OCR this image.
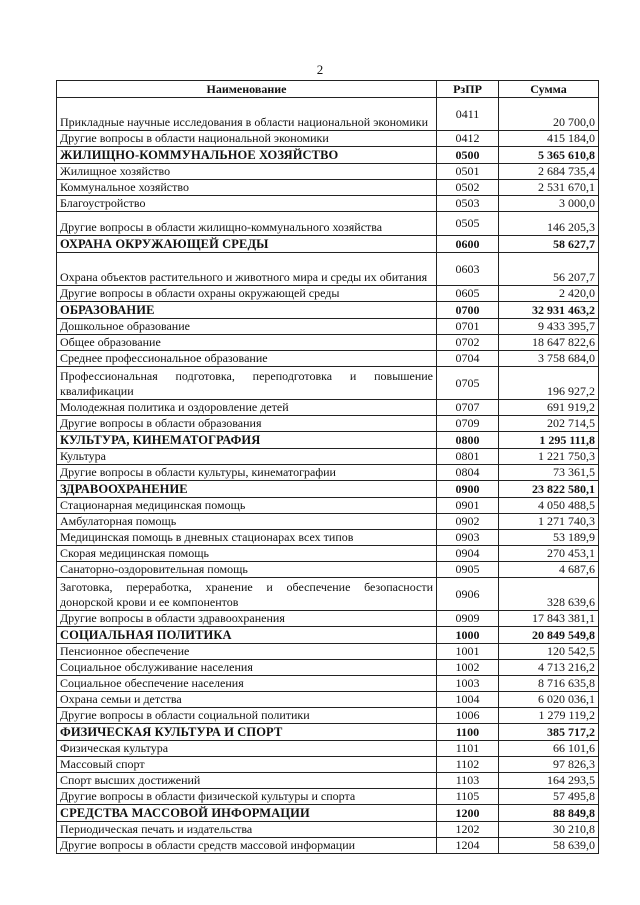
2
Наименование	РзПР	Сумма
Прикладные научные исследования в области национальной экономики	0411	20 700,0
Другие вопросы в области национальной экономики	0412	415 184,0
ЖИЛИЩНО-КОММУНАЛЬНОЕ ХОЗЯЙСТВО	0500	5 365 610,8
Жилищное хозяйство	0501	2 684 735,4
Коммунальное хозяйство	0502	2 531 670,1
Благоустройство	0503	3 000,0
Другие вопросы в области жилищно-коммунального хозяйства	0505	146 205,3
ОХРАНА ОКРУЖАЮЩЕЙ СРЕДЫ	0600	58 627,7
Охрана объектов растительного и животного мира и среды их обитания	0603	56 207,7
Другие вопросы в области охраны окружающей среды	0605	2 420,0
ОБРАЗОВАНИЕ	0700	32 931 463,2
Дошкольное образование	0701	9 433 395,7
Общее образование	0702	18 647 822,6
Среднее профессиональное образование	0704	3 758 684,0
Профессиональная подготовка, переподготовка и повышение квалификации	0705	196 927,2
Молодежная политика и оздоровление детей	0707	691 919,2
Другие вопросы в области образования	0709	202 714,5
КУЛЬТУРА, КИНЕМАТОГРАФИЯ	0800	1 295 111,8
Культура	0801	1 221 750,3
Другие вопросы в области культуры, кинематографии	0804	73 361,5
ЗДРАВООХРАНЕНИЕ	0900	23 822 580,1
Стационарная медицинская помощь	0901	4 050 488,5
Амбулаторная помощь	0902	1 271 740,3
Медицинская помощь в дневных стационарах всех типов	0903	53 189,9
Скорая медицинская помощь	0904	270 453,1
Санаторно-оздоровительная помощь	0905	4 687,6
Заготовка, переработка, хранение и обеспечение безопасности донорской крови и ее компонентов	0906	328 639,6
Другие вопросы в области здравоохранения	0909	17 843 381,1
СОЦИАЛЬНАЯ ПОЛИТИКА	1000	20 849 549,8
Пенсионное обеспечение	1001	120 542,5
Социальное обслуживание населения	1002	4 713 216,2
Социальное обеспечение населения	1003	8 716 635,8
Охрана семьи и детства	1004	6 020 036,1
Другие вопросы в области социальной политики	1006	1 279 119,2
ФИЗИЧЕСКАЯ КУЛЬТУРА И СПОРТ	1100	385 717,2
Физическая культура	1101	66 101,6
Массовый спорт	1102	97 826,3
Спорт высших достижений	1103	164 293,5
Другие вопросы в области физической культуры и спорта	1105	57 495,8
СРЕДСТВА МАССОВОЙ ИНФОРМАЦИИ	1200	88 849,8
Периодическая печать и издательства	1202	30 210,8
Другие вопросы в области средств массовой информации	1204	58 639,0
